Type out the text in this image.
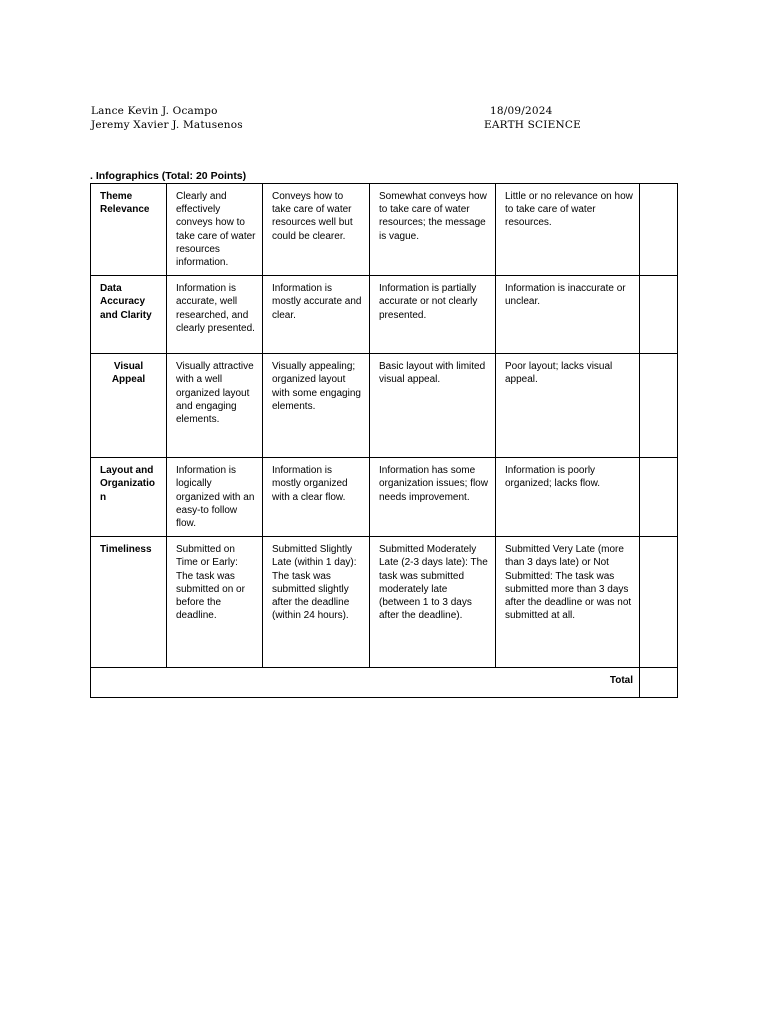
Lance Kevin J. Ocampo
Jeremy Xavier J. Matusenos
18/09/2024
EARTH SCIENCE
. Infographics (Total: 20 Points)
Theme Relevance	Clearly and effectively conveys how to take care of water resources information.	Conveys how to take care of water resources well but could be clearer.	Somewhat conveys how to take care of water resources; the message is vague.	Little or no relevance on how to take care of water resources.	

Data Accuracy and Clarity	Information is accurate, well researched, and clearly presented.	Information is mostly accurate and clear.	Information is partially accurate or not clearly presented.	Information is inaccurate or unclear.	

Visual Appeal	Visually attractive with a well organized layout and engaging elements.	Visually appealing; organized layout with some engaging elements.	Basic layout with limited visual appeal.	Poor layout; lacks visual appeal.	

Layout and Organization	Information is logically organized with an easy-to follow flow.	Information is mostly organized with a clear flow.	Information has some organization issues; flow needs improvement.	Information is poorly organized; lacks flow.	
Timeliness	Submitted on Time or Early: The task was submitted on or before the deadline.	Submitted Slightly Late (within 1 day): The task was submitted slightly after the deadline (within 24 hours).	Submitted Moderately Late (2-3 days late): The task was submitted moderately late (between 1 to 3 days after the deadline).	Submitted Very Late (more than 3 days late) or Not Submitted: The task was submitted more than 3 days after the deadline or was not submitted at all.	
Total					
